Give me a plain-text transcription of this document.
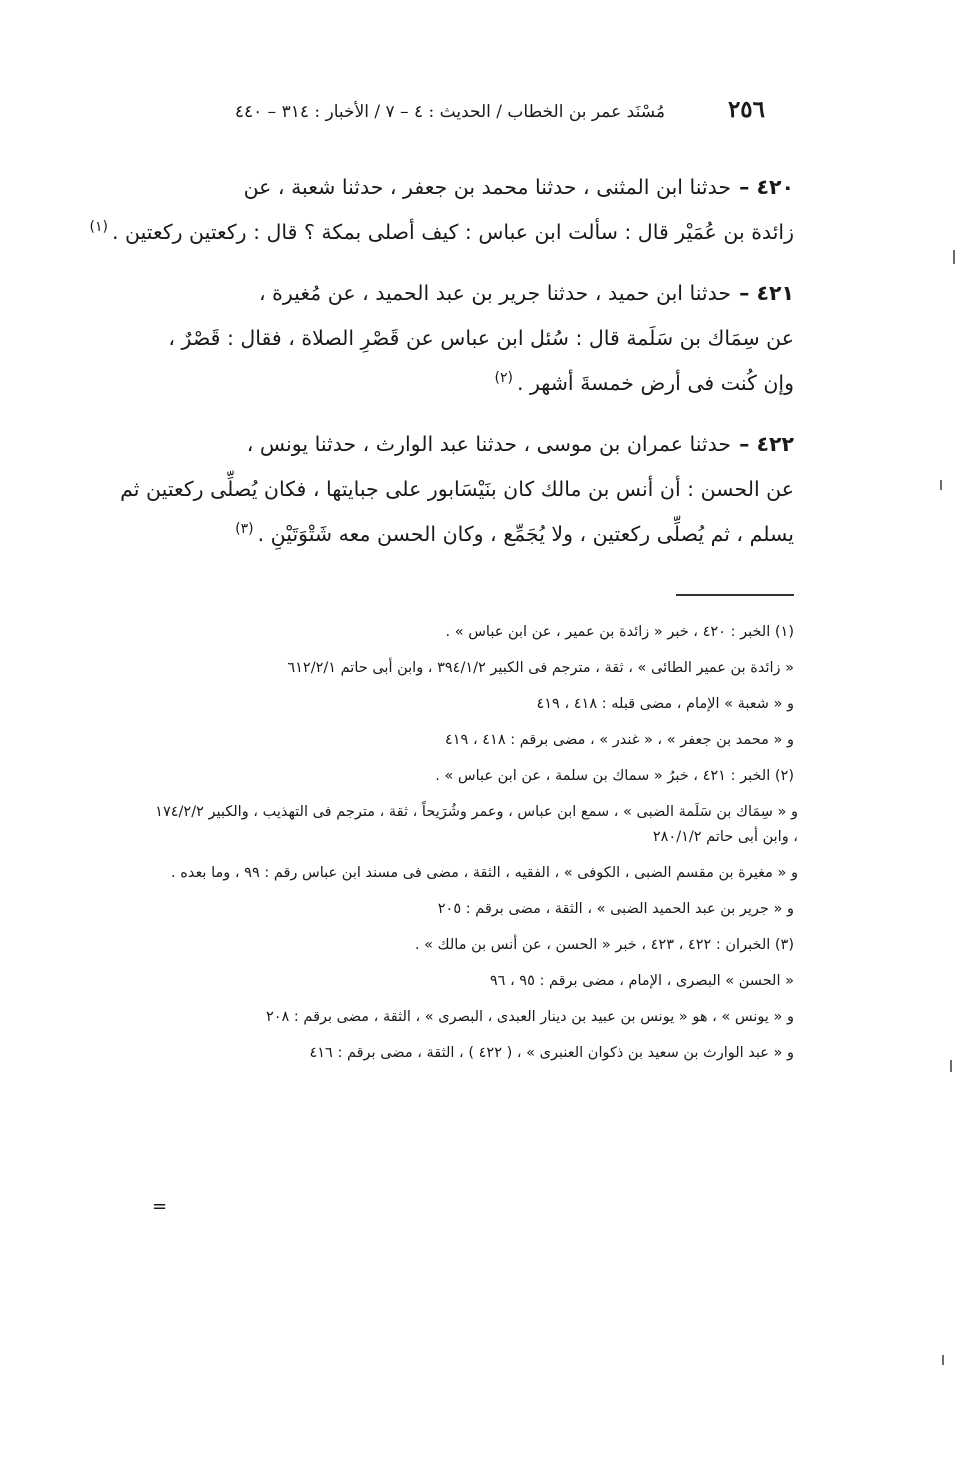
٢٥٦
مُسْنَد عمر بن الخطاب / الحديث : ٤ – ٧ / الأخبار : ٣١٤ – ٤٤٠
٤٢٠ –حدثنا ابن المثنى ، حدثنا محمد بن جعفر ، حدثنا شعبة ، عن
زائدة بن عُمَيْر قال : سألت ابن عباس : كيف أصلى بمكة ؟ قال : ركعتين ركعتين .$^{(١)}$
٤٢١ –حدثنا ابن حميد ، حدثنا جرير بن عبد الحميد ، عن مُغيرة ،
عن سِمَاك بن سَلَمة قال : سُئل ابن عباس عن قَصْرِ الصلاة ، فقال : قَصْرٌ ،
وإن كُنت فى أرض خمسةَ أشهر .$^{(٢)}$
٤٢٢ –حدثنا عمران بن موسى ، حدثنا عبد الوارث ، حدثنا يونس ،
عن الحسن : أن أنس بن مالك كان بنَيْسَابور على جبايتها ، فكان يُصلِّى ركعتين ثم
يسلم ، ثم يُصلِّى ركعتين ، ولا يُجَمِّع ، وكان الحسن معه شَتْوَتَيْنِ .$^{(٣)}$
(١) الخبر : ٤٢٠ ، خبر « زائدة بن عمير ، عن ابن عباس » .
« زائدة بن عمير الطائى » ، ثقة ، مترجم فى الكبير ٣٩٤/١/٢ ، وابن أبى حاتم ٦١٢/٢/١
و « شعبة » الإمام ، مضى قبله : ٤١٨ ، ٤١٩
و « محمد بن جعفر » ، « غندر » ، مضى برقم : ٤١٨ ، ٤١٩
(٢) الخبر : ٤٢١ ، خبرُ « سماك بن سلمة ، عن ابن عباس » .
و « سِمَاك بن سَلَمة الضبى » ، سمع ابن عباس ، وعمر وشُرَيحاً ، ثقة ، مترجم فى التهذيب ، والكبير ١٧٤/٢/٢ ، وابن أبى حاتم ٢٨٠/١/٢
و « مغيرة بن مقسم الضبى ، الكوفى » ، الفقيه ، الثقة ، مضى فى مسند ابن عباس رقم : ٩٩ ، وما بعده .
و « جرير بن عبد الحميد الضبى » ، الثقة ، مضى برقم : ٢٠٥
(٣) الخبران : ٤٢٢ ، ٤٢٣ ، خبر « الحسن ، عن أنس بن مالك » .
« الحسن » البصرى ، الإمام ، مضى برقم : ٩٥ ، ٩٦
و « يونس » ، هو « يونس بن عبيد بن دينار العبدى ، البصرى » ، الثقة ، مضى برقم : ٢٠٨
و « عبد الوارث بن سعيد بن ذكوان العنبرى » ، ( ٤٢٢ ) ، الثقة ، مضى برقم : ٤١٦
=
